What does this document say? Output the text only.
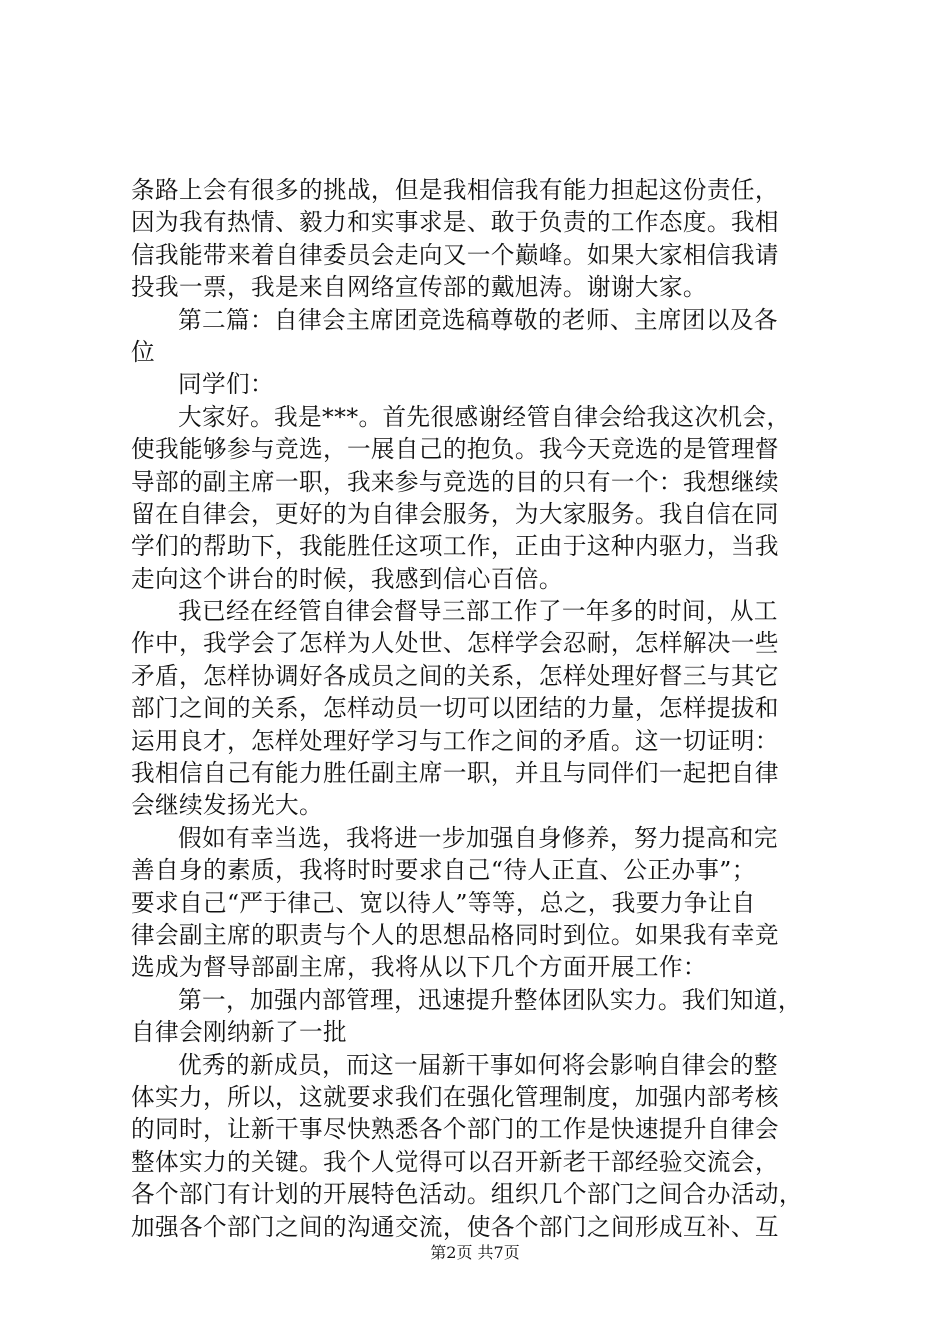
条路上会有很多的挑战，但是我相信我有能力担起这份责任，
因为我有热情、毅力和实事求是、敢于负责的工作态度。我相
信我能带来着自律委员会走向又一个巅峰。如果大家相信我请
投我一票，我是来自网络宣传部的戴旭涛。谢谢大家。
第二篇：自律会主席团竞选稿尊敬的老师、主席团以及各
位
同学们：
大家好。我是***。首先很感谢经管自律会给我这次机会，
使我能够参与竞选，一展自己的抱负。我今天竞选的是管理督
导部的副主席一职，我来参与竞选的目的只有一个：我想继续
留在自律会，更好的为自律会服务，为大家服务。我自信在同
学们的帮助下，我能胜任这项工作，正由于这种内驱力，当我
走向这个讲台的时候，我感到信心百倍。
我已经在经管自律会督导三部工作了一年多的时间，从工
作中，我学会了怎样为人处世、怎样学会忍耐，怎样解决一些
矛盾，怎样协调好各成员之间的关系，怎样处理好督三与其它
部门之间的关系，怎样动员一切可以团结的力量，怎样提拔和
运用良才，怎样处理好学习与工作之间的矛盾。这一切证明：
我相信自己有能力胜任副主席一职，并且与同伴们一起把自律
会继续发扬光大。
假如有幸当选，我将进一步加强自身修养，努力提高和完
善自身的素质，我将时时要求自己“待人正直、公正办事”；
要求自己“严于律己、宽以待人”等等，总之，我要力争让自
律会副主席的职责与个人的思想品格同时到位。如果我有幸竞
选成为督导部副主席，我将从以下几个方面开展工作：
第一，加强内部管理，迅速提升整体团队实力。我们知道，
自律会刚纳新了一批
优秀的新成员，而这一届新干事如何将会影响自律会的整
体实力，所以，这就要求我们在强化管理制度，加强内部考核
的同时，让新干事尽快熟悉各个部门的工作是快速提升自律会
整体实力的关键。我个人觉得可以召开新老干部经验交流会，
各个部门有计划的开展特色活动。组织几个部门之间合办活动，
加强各个部门之间的沟通交流，使各个部门之间形成互补、互
第2页 共7页
